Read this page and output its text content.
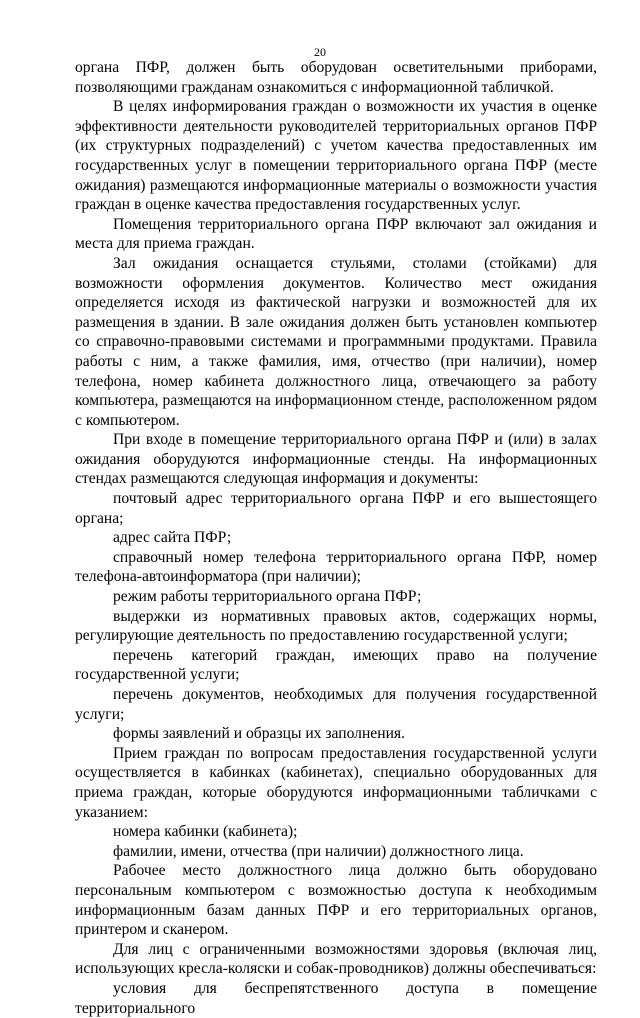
20

органа ПФР, должен быть оборудован осветительными приборами, позволяющими гражданам ознакомиться с информационной табличкой.

В целях информирования граждан о возможности их участия в оценке эффективности деятельности руководителей территориальных органов ПФР (их структурных подразделений) с учетом качества предоставленных им государственных услуг в помещении территориального органа ПФР (месте ожидания) размещаются информационные материалы о возможности участия граждан в оценке качества предоставления государственных услуг.

Помещения территориального органа ПФР включают зал ожидания и места для приема граждан.

Зал ожидания оснащается стульями, столами (стойками) для возможности оформления документов. Количество мест ожидания определяется исходя из фактической нагрузки и возможностей для их размещения в здании. В зале ожидания должен быть установлен компьютер со справочно-правовыми системами и программными продуктами. Правила работы с ним, а также фамилия, имя, отчество (при наличии), номер телефона, номер кабинета должностного лица, отвечающего за работу компьютера, размещаются на информационном стенде, расположенном рядом с компьютером.

При входе в помещение территориального органа ПФР и (или) в залах ожидания оборудуются информационные стенды. На информационных стендах размещаются следующая информация и документы:

почтовый адрес территориального органа ПФР и его вышестоящего органа;

адрес сайта ПФР;

справочный номер телефона территориального органа ПФР, номер телефона-автоинформатора (при наличии);

режим работы территориального органа ПФР;

выдержки из нормативных правовых актов, содержащих нормы, регулирующие деятельность по предоставлению государственной услуги;

перечень категорий граждан, имеющих право на получение государственной услуги;

перечень документов, необходимых для получения государственной услуги;

формы заявлений и образцы их заполнения.

Прием граждан по вопросам предоставления государственной услуги осуществляется в кабинках (кабинетах), специально оборудованных для приема граждан, которые оборудуются информационными табличками с указанием:

номера кабинки (кабинета);

фамилии, имени, отчества (при наличии) должностного лица.

Рабочее место должностного лица должно быть оборудовано персональным компьютером с возможностью доступа к необходимым информационным базам данных ПФР и его территориальных органов, принтером и сканером.

Для лиц с ограниченными возможностями здоровья (включая лиц, использующих кресла-коляски и собак-проводников) должны обеспечиваться:

условия для беспрепятственного доступа в помещение территориального
